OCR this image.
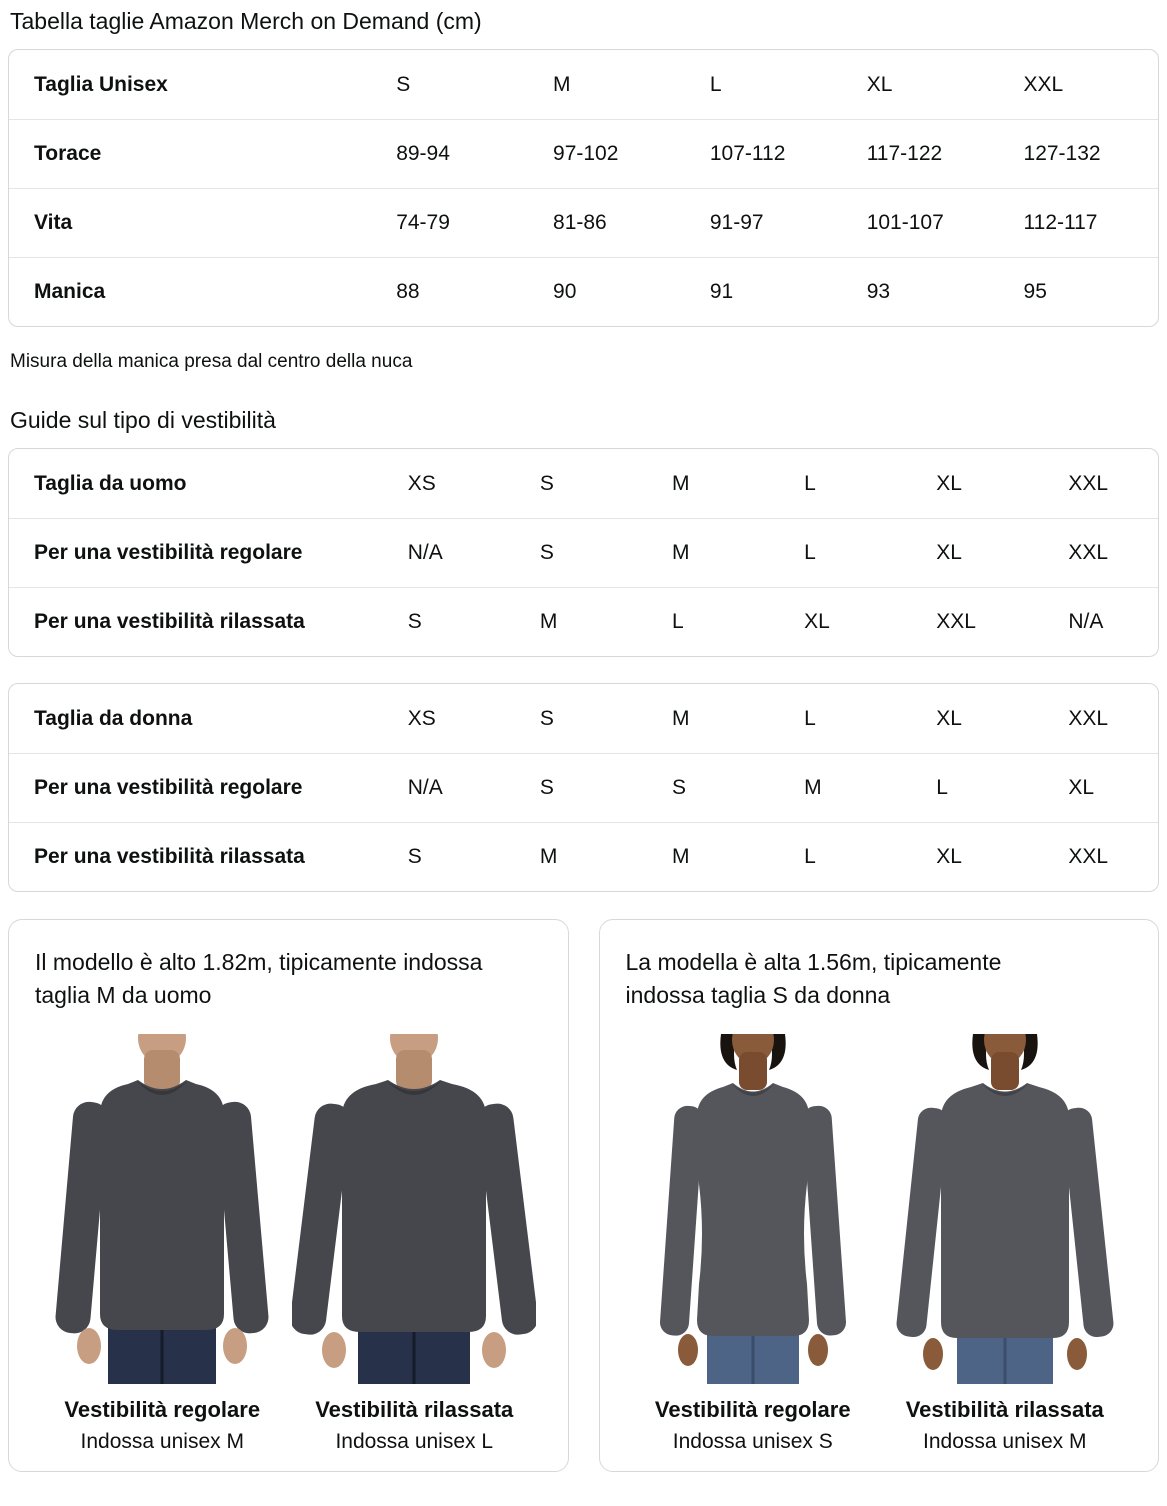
Tabella taglie Amazon Merch on Demand (cm)
Taglia Unisex	S	M	L	XL	XXL
Torace	89-94	97-102	107-112	117-122	127-132
Vita	74-79	81-86	91-97	101-107	112-117
Manica	88	90	91	93	95
Misura della manica presa dal centro della nuca
Guide sul tipo di vestibilità
Taglia da uomo	XS	S	M	L	XL	XXL
Per una vestibilità regolare	N/A	S	M	L	XL	XXL
Per una vestibilità rilassata	S	M	L	XL	XXL	N/A
Taglia da donna	XS	S	M	L	XL	XXL
Per una vestibilità regolare	N/A	S	S	M	L	XL
Per una vestibilità rilassata	S	M	M	L	XL	XXL
Il modello è alto 1.82m, tipicamente indossa taglia M da uomo
Vestibilità regolare
Indossa unisex M
Vestibilità rilassata
Indossa unisex L
La modella è alta 1.56m, tipicamente indossa taglia S da donna
Vestibilità regolare
Indossa unisex S
Vestibilità rilassata
Indossa unisex M
